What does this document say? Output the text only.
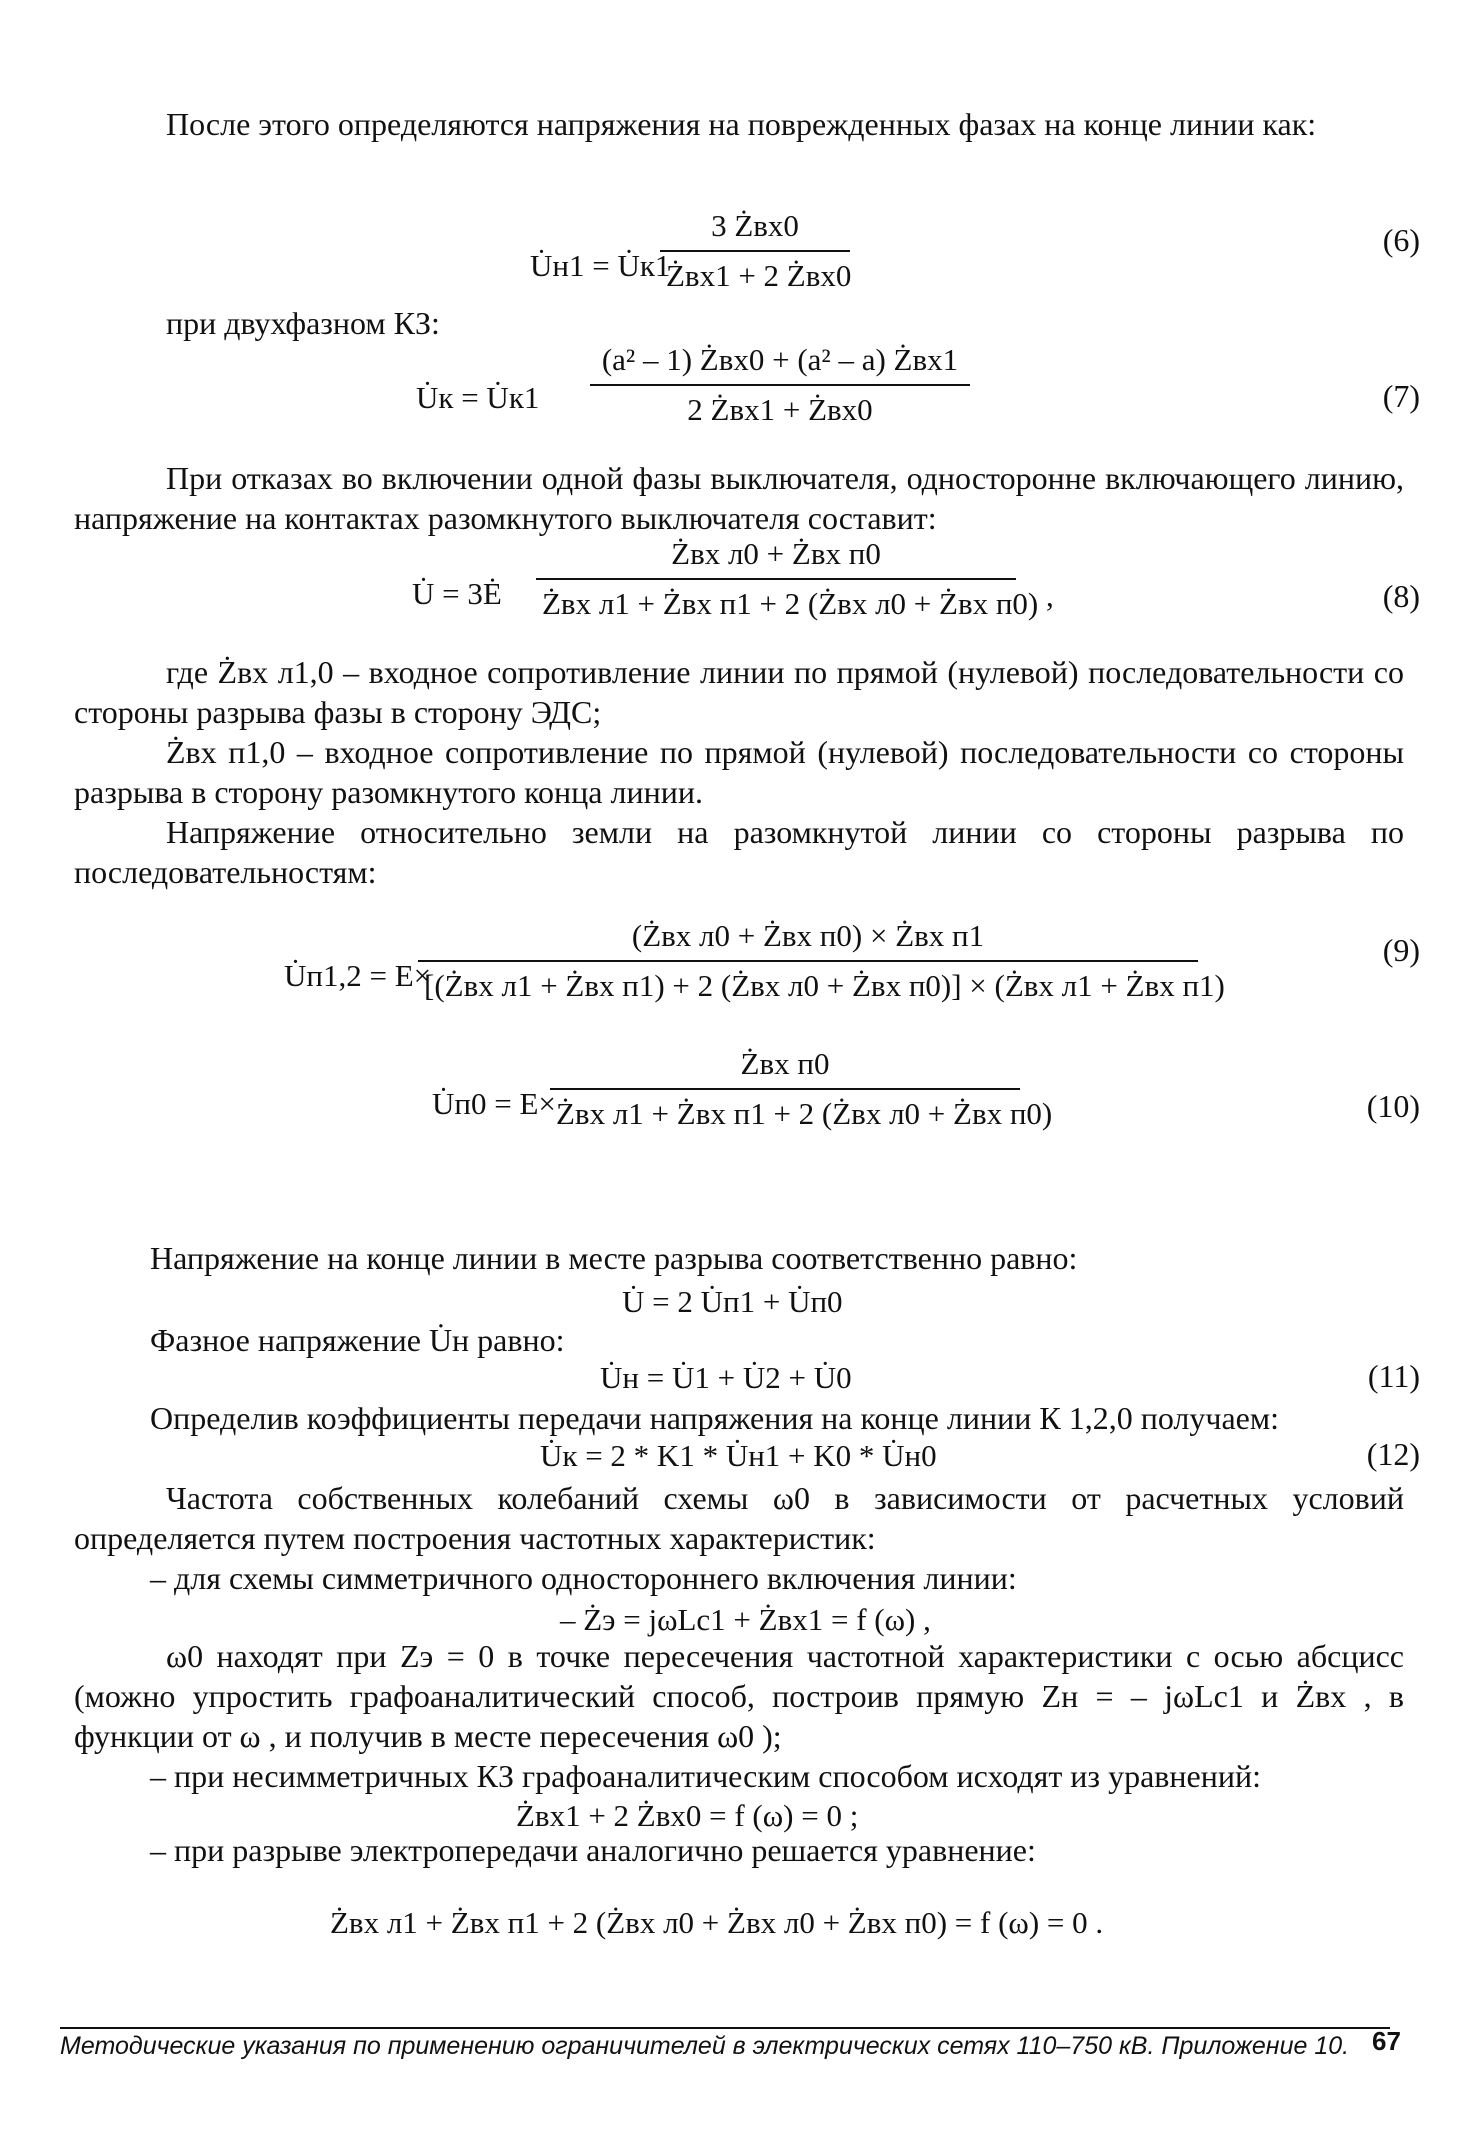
После этого определяются напряжения на поврежденных фазах на конце линии как:

U̇н1 = U̇к1
3 Żвх0
Żвх1 + 2 Żвх0
(6)

при двухфазном КЗ:

U̇к = U̇к1
(a² – 1) Żвх0 + (a² – a) Żвх1
2 Żвх1 + Żвх0	(7)

При отказах во включении одной фазы выключателя, односторонне включающего линию, напряжение на контактах разомкнутого выключателя составит:

U̇ = 3Ė
Żвх л0 + Żвх п0
Żвх л1 + Żвх п1 + 2 (Żвх л0 + Żвх п0) ,	(8)

где Żвх л1,0 – входное сопротивление линии по прямой (нулевой) последовательности со стороны разрыва фазы в сторону ЭДС;

Żвх п1,0 – входное сопротивление по прямой (нулевой) последовательности со стороны разрыва в сторону разомкнутого конца линии.

Напряжение относительно земли на разомкнутой линии со стороны разрыва по последовательностям:

U̇п1,2 = E×
(Żвх л0 + Żвх п0) × Żвх п1
[(Żвх л1 + Żвх п1) + 2 (Żвх л0 + Żвх п0)] × (Żвх л1 + Żвх п1)
(9)
U̇п0 = E×
Żвх п0
Żвх л1 + Żвх п1 + 2 (Żвх л0 + Żвх п0)	(10)

Напряжение на конце линии в месте разрыва соответственно равно:

U̇ = 2 U̇п1 + U̇п0

Фазное напряжение U̇н равно:

U̇н = U̇1 + U̇2 + U̇0	(11)

Определив коэффициенты передачи напряжения на конце линии К 1,2,0 получаем:

U̇к = 2 * K1 * U̇н1 + K0 * U̇н0	(12)

Частота собственных колебаний схемы ω0 в зависимости от расчетных условий определяется путем построения частотных характеристик:

– для схемы симметричного одностороннего включения линии:

– Żэ = jωLс1 + Żвх1 = f (ω) ,

ω0 находят при Zэ = 0 в точке пересечения частотной характеристики с осью абсцисс (можно упростить графоаналитический способ, построив прямую Zн = – jωLс1 и Żвх , в функции от ω , и получив в месте пересечения ω0 );

– при несимметричных КЗ графоаналитическим способом исходят из уравнений:

Żвх1 + 2 Żвх0 = f (ω) = 0 ;

– при разрыве электропередачи аналогично решается уравнение:

Żвх л1 + Żвх п1 + 2 (Żвх л0 + Żвх л0 + Żвх п0) = f (ω) = 0 .
Методические указания по применению ограничителей в электрических сетях 110–750 кВ. Приложение 10. 67
